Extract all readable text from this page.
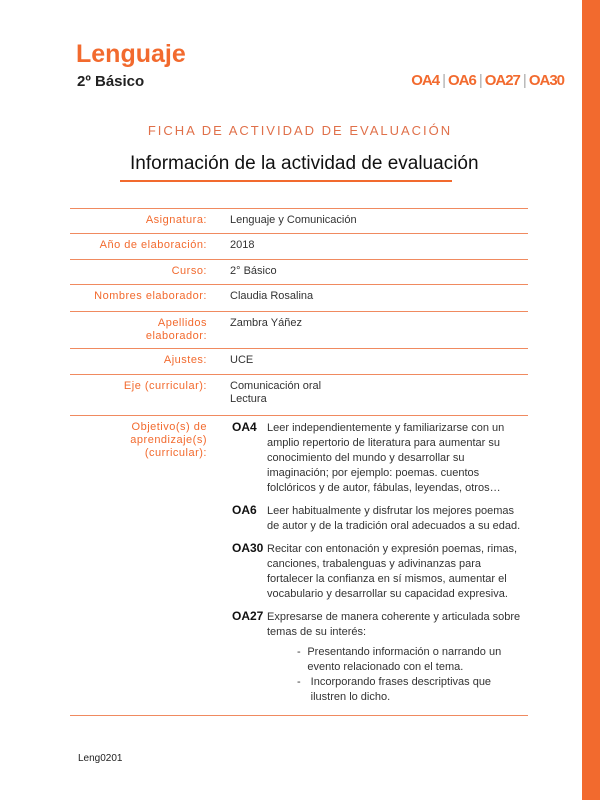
Lenguaje
2º Básico	OA4 | OA6 | OA27 | OA30
FICHA DE ACTIVIDAD DE EVALUACIÓN
Información de la actividad de evaluación
Asignatura:	Lenguaje y Comunicación
Año de elaboración:	2018
Curso:	2° Básico
Nombres elaborador:	Claudia Rosalina
Apellidos elaborador:
Zambra Yáñez
Ajustes:	UCE
Eje (curricular): Comunicación oral
Lectura
Objetivo(s) de aprendizaje(s) (curricular):
OA4 Leer independientemente y familiarizarse con un amplio repertorio de literatura para aumentar su conocimiento del mundo y desarrollar su imaginación; por ejemplo: poemas. cuentos folclóricos y de autor, fábulas, leyendas, otros…
OA6 Leer habitualmente y disfrutar los mejores poemas de autor y de la tradición oral adecuados a su edad.
OA30 Recitar con entonación y expresión poemas, rimas, canciones, trabalenguas y adivinanzas para fortalecer la confianza en sí mismos, aumentar el vocabulario y desarrollar su capacidad expresiva.
OA27 Expresarse de manera coherente y articulada sobre temas de su interés:
- Presentando información o narrando un evento relacionado con el tema.
- Incorporando frases descriptivas que ilustren lo dicho.
Leng0201
